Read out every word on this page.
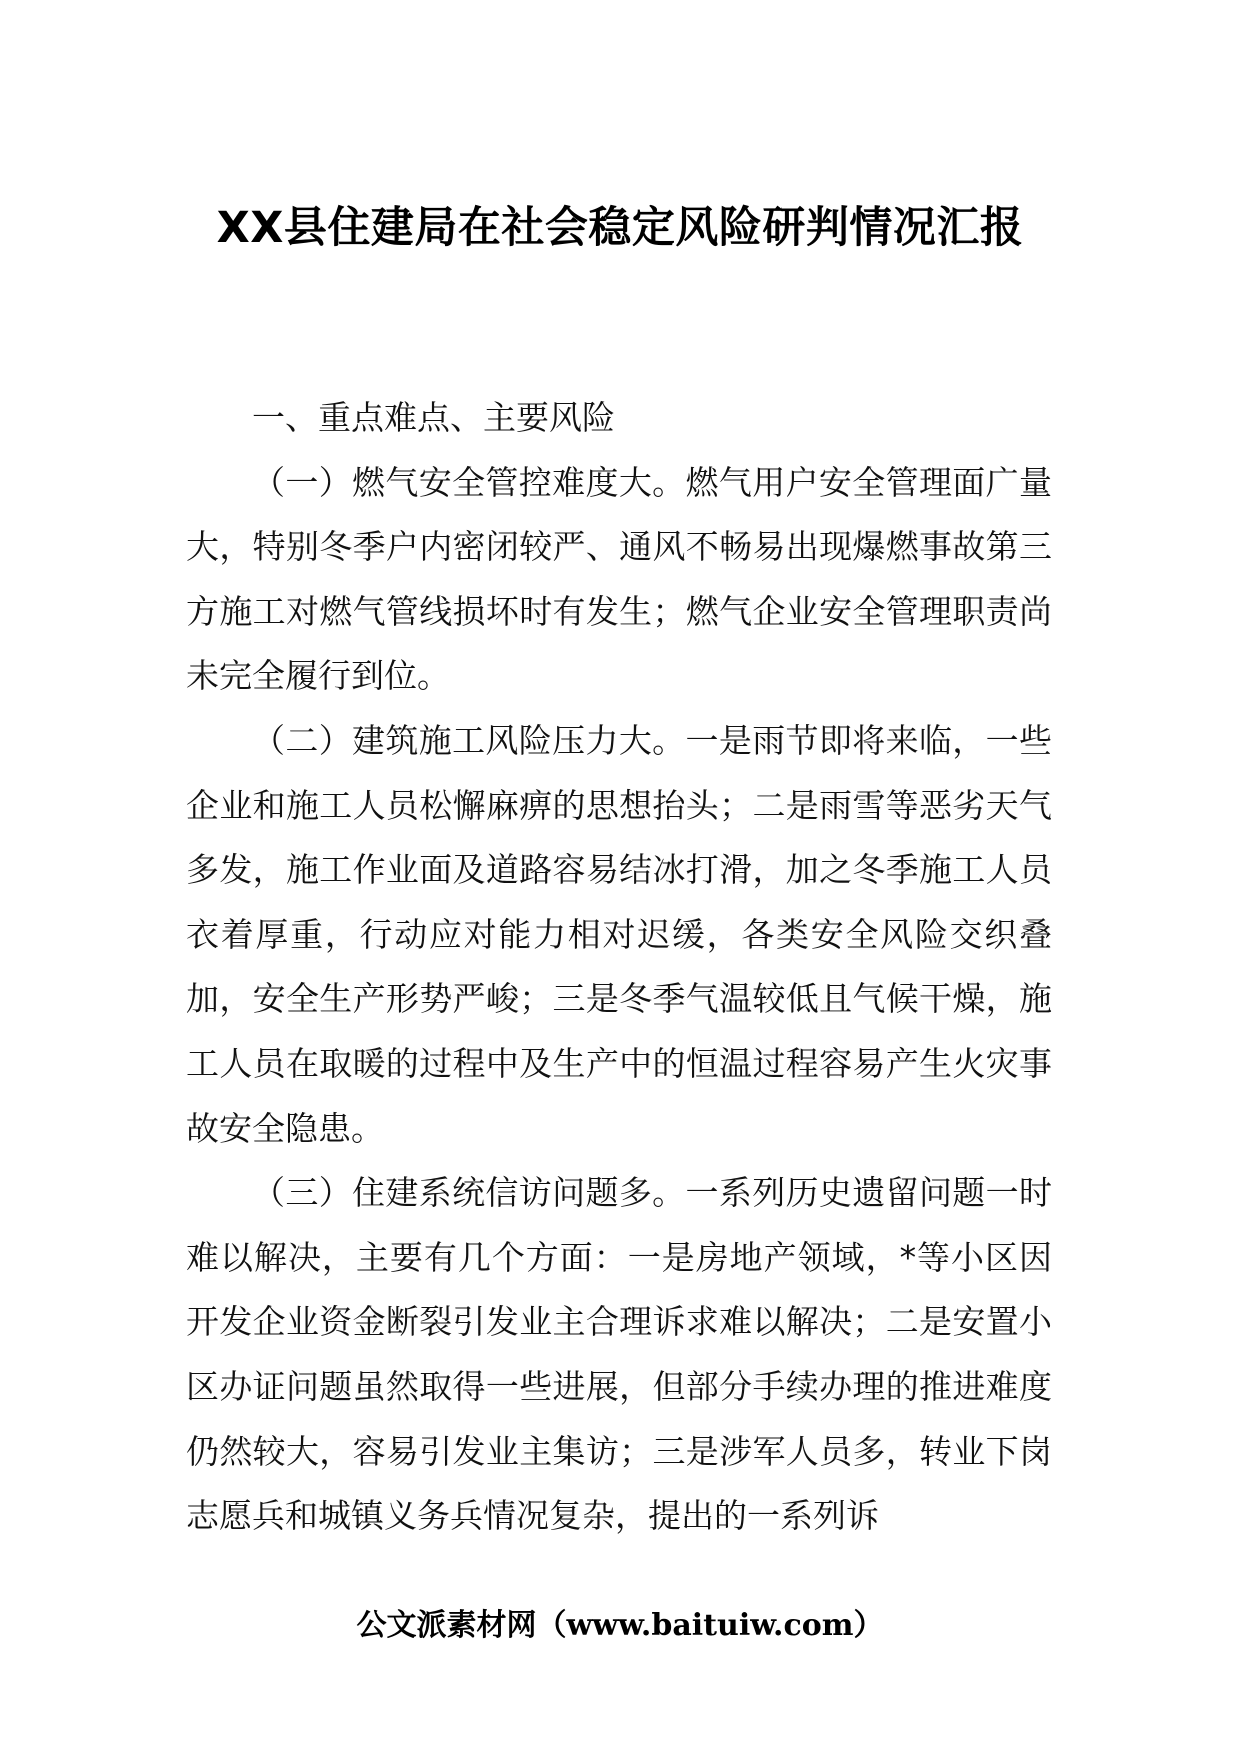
XX县住建局在社会稳定风险研判情况汇报

一、重点难点、主要风险

（一）燃气安全管控难度大。燃气用户安全管理面广量大，特别冬季户内密闭较严、通风不畅易出现爆燃事故第三方施工对燃气管线损坏时有发生；燃气企业安全管理职责尚未完全履行到位。

（二）建筑施工风险压力大。一是雨节即将来临，一些企业和施工人员松懈麻痹的思想抬头；二是雨雪等恶劣天气多发，施工作业面及道路容易结冰打滑，加之冬季施工人员衣着厚重，行动应对能力相对迟缓，各类安全风险交织叠加，安全生产形势严峻；三是冬季气温较低且气候干燥，施工人员在取暖的过程中及生产中的恒温过程容易产生火灾事故安全隐患。

（三）住建系统信访问题多。一系列历史遗留问题一时难以解决，主要有几个方面：一是房地产领域，*等小区因开发企业资金断裂引发业主合理诉求难以解决；二是安置小区办证问题虽然取得一些进展，但部分手续办理的推进难度仍然较大，容易引发业主集访；三是涉军人员多，转业下岗志愿兵和城镇义务兵情况复杂，提出的一系列诉

公文派素材网（www.baituiw.com）
